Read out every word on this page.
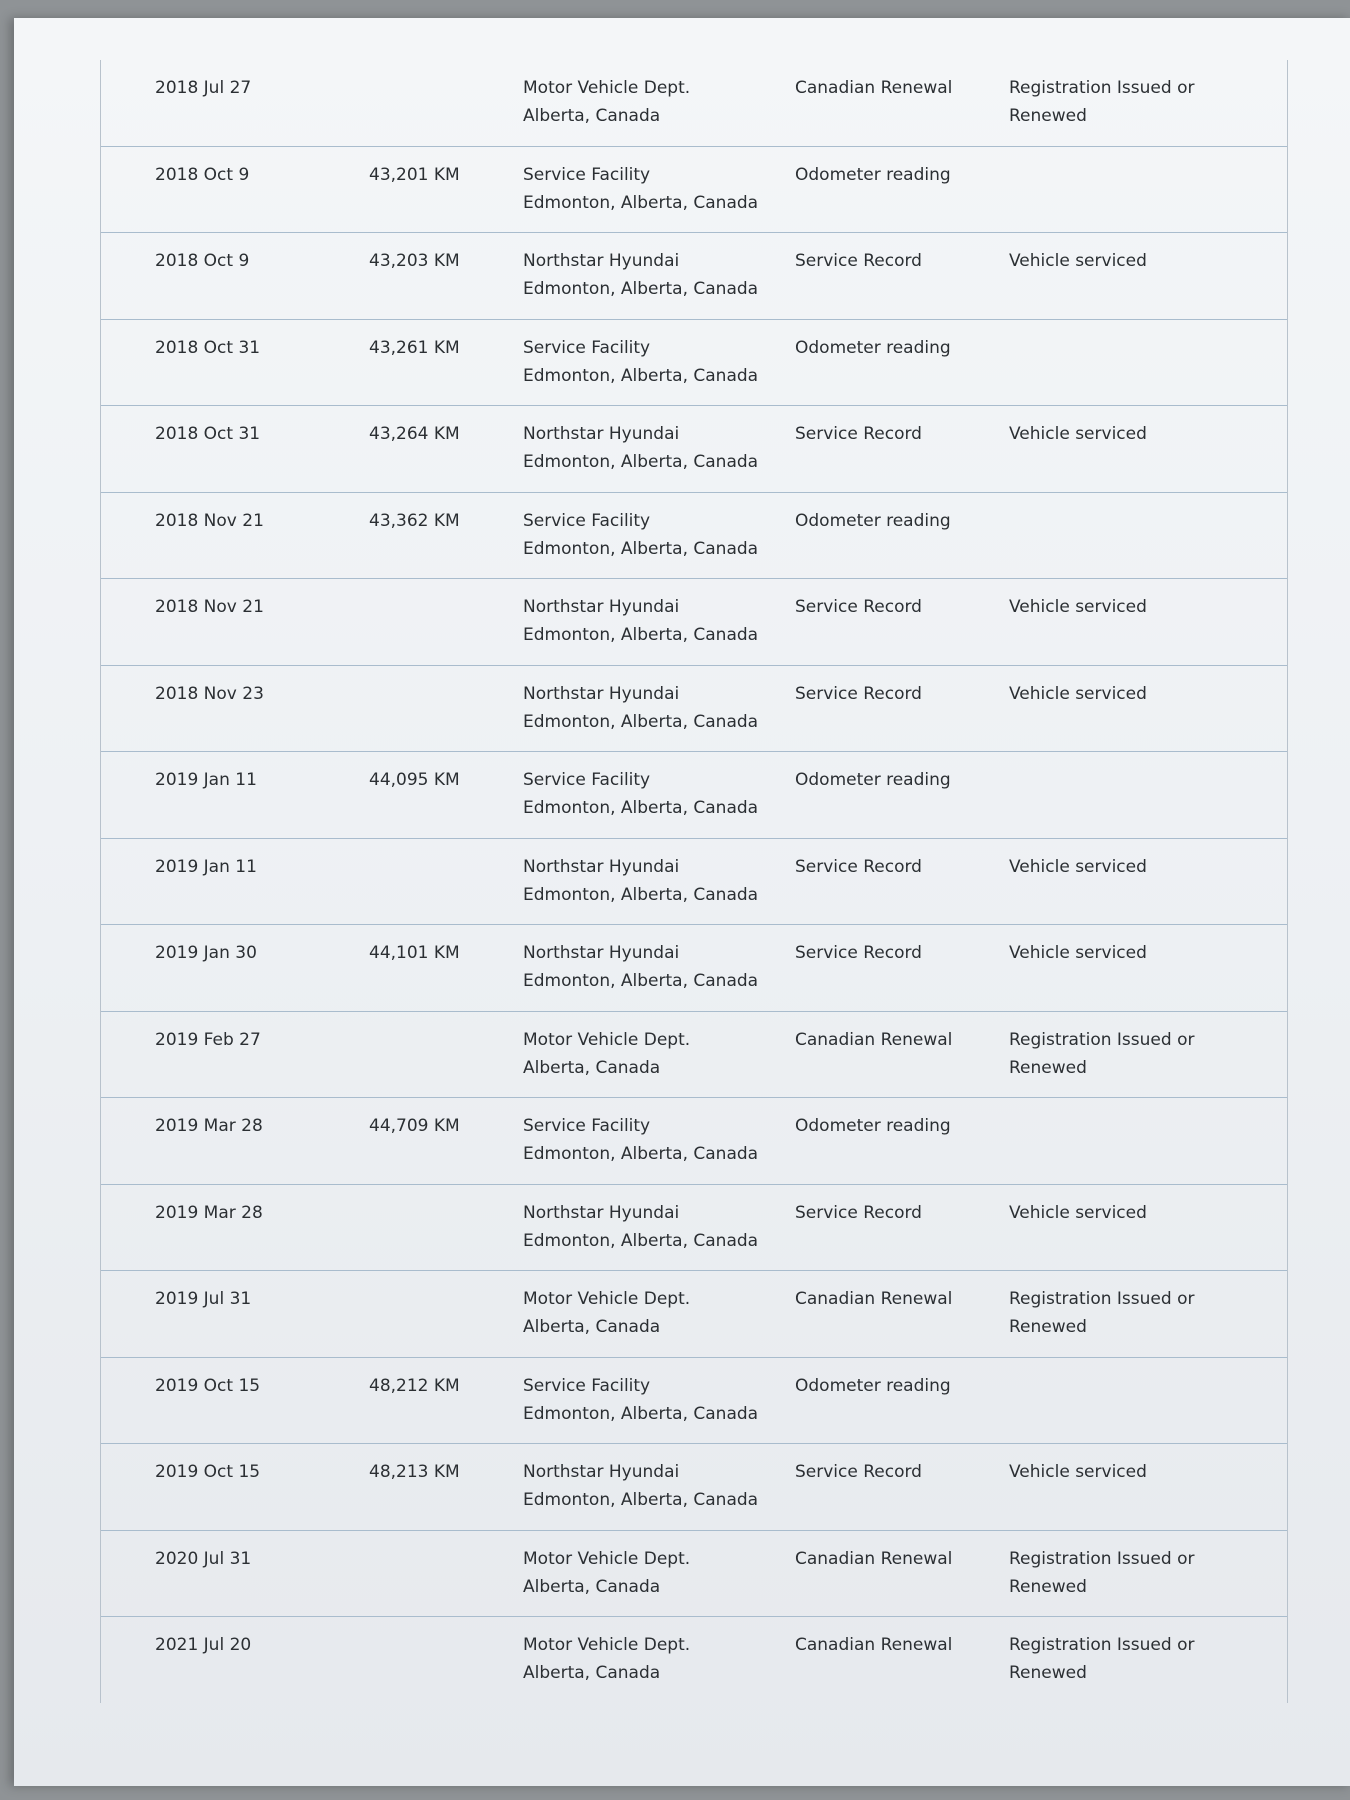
2018 Jul 27	Motor Vehicle Dept.
Alberta, Canada
Canadian Renewal	Registration Issued or
Renewed
2018 Oct 9	43,201 KM	Service Facility
Edmonton, Alberta, Canada
Odometer reading
2018 Oct 9	43,203 KM	Northstar Hyundai
Edmonton, Alberta, Canada
Service Record	Vehicle serviced
2018 Oct 31	43,261 KM	Service Facility
Edmonton, Alberta, Canada
Odometer reading
2018 Oct 31	43,264 KM	Northstar Hyundai
Edmonton, Alberta, Canada
Service Record	Vehicle serviced
2018 Nov 21	43,362 KM	Service Facility
Edmonton, Alberta, Canada
Odometer reading
2018 Nov 21	Northstar Hyundai
Edmonton, Alberta, Canada
Service Record	Vehicle serviced
2018 Nov 23	Northstar Hyundai
Edmonton, Alberta, Canada
Service Record	Vehicle serviced
2019 Jan 11	44,095 KM	Service Facility
Edmonton, Alberta, Canada
Odometer reading
2019 Jan 11	Northstar Hyundai
Edmonton, Alberta, Canada
Service Record	Vehicle serviced
2019 Jan 30	44,101 KM	Northstar Hyundai
Edmonton, Alberta, Canada
Service Record	Vehicle serviced
2019 Feb 27	Motor Vehicle Dept.
Alberta, Canada
Canadian Renewal	Registration Issued or
Renewed
2019 Mar 28	44,709 KM	Service Facility
Edmonton, Alberta, Canada
Odometer reading
2019 Mar 28	Northstar Hyundai
Edmonton, Alberta, Canada
Service Record	Vehicle serviced
2019 Jul 31	Motor Vehicle Dept.
Alberta, Canada
Canadian Renewal	Registration Issued or
Renewed
2019 Oct 15	48,212 KM	Service Facility
Edmonton, Alberta, Canada
Odometer reading
2019 Oct 15	48,213 KM	Northstar Hyundai
Edmonton, Alberta, Canada
Service Record	Vehicle serviced
2020 Jul 31	Motor Vehicle Dept.
Alberta, Canada
Canadian Renewal	Registration Issued or
Renewed
2021 Jul 20	Motor Vehicle Dept.
Alberta, Canada
Canadian Renewal	Registration Issued or
Renewed
